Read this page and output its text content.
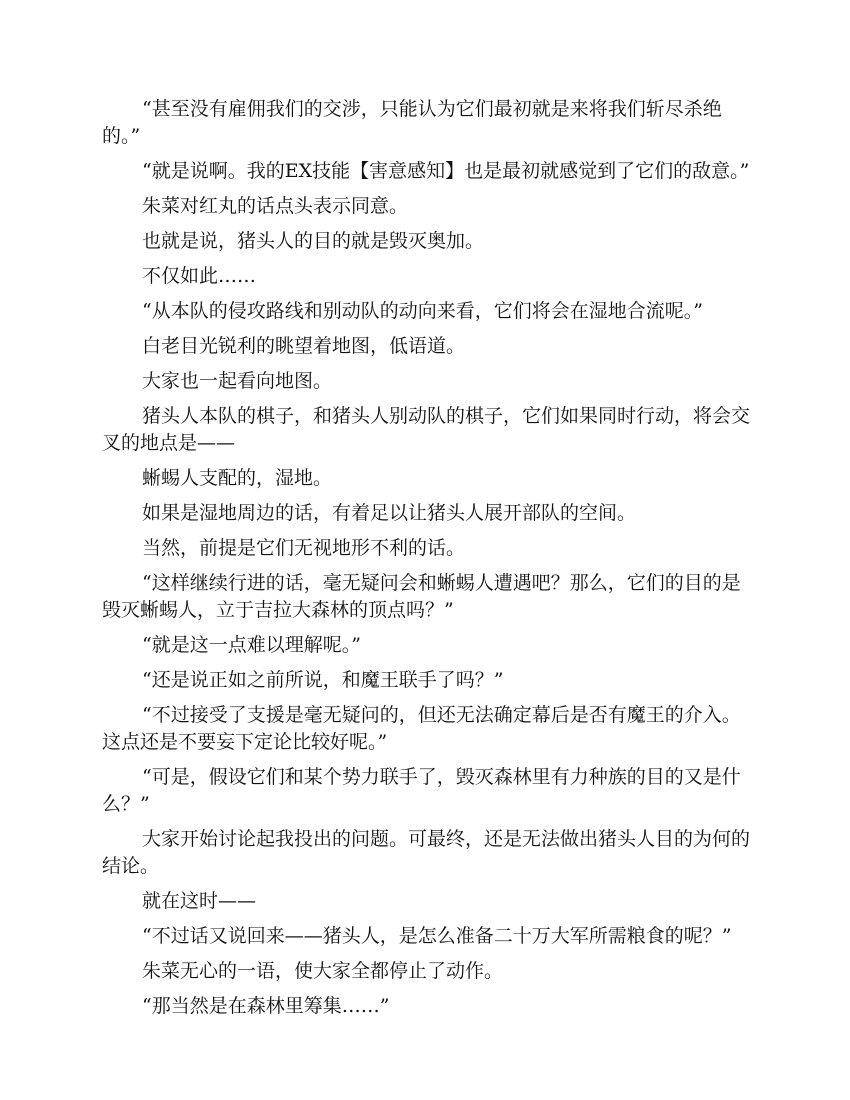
“甚至没有雇佣我们的交涉，只能认为它们最初就是来将我们斩尽杀绝的。”

“就是说啊。我的EX技能【害意感知】也是最初就感觉到了它们的敌意。”

朱菜对红丸的话点头表示同意。

也就是说，猪头人的目的就是毁灭奥加。

不仅如此……

“从本队的侵攻路线和别动队的动向来看，它们将会在湿地合流呢。”

白老目光锐利的眺望着地图，低语道。

大家也一起看向地图。

猪头人本队的棋子，和猪头人别动队的棋子，它们如果同时行动，将会交叉的地点是——

蜥蜴人支配的，湿地。

如果是湿地周边的话，有着足以让猪头人展开部队的空间。

当然，前提是它们无视地形不利的话。

“这样继续行进的话，毫无疑问会和蜥蜴人遭遇吧？那么，它们的目的是毁灭蜥蜴人，立于吉拉大森林的顶点吗？”

“就是这一点难以理解呢。”

“还是说正如之前所说，和魔王联手了吗？”

“不过接受了支援是毫无疑问的，但还无法确定幕后是否有魔王的介入。这点还是不要妄下定论比较好呢。”

“可是，假设它们和某个势力联手了，毁灭森林里有力种族的目的又是什么？”

大家开始讨论起我投出的问题。可最终，还是无法做出猪头人目的为何的结论。

就在这时——

“不过话又说回来——猪头人，是怎么准备二十万大军所需粮食的呢？”

朱菜无心的一语，使大家全都停止了动作。

“那当然是在森林里筹集……”
